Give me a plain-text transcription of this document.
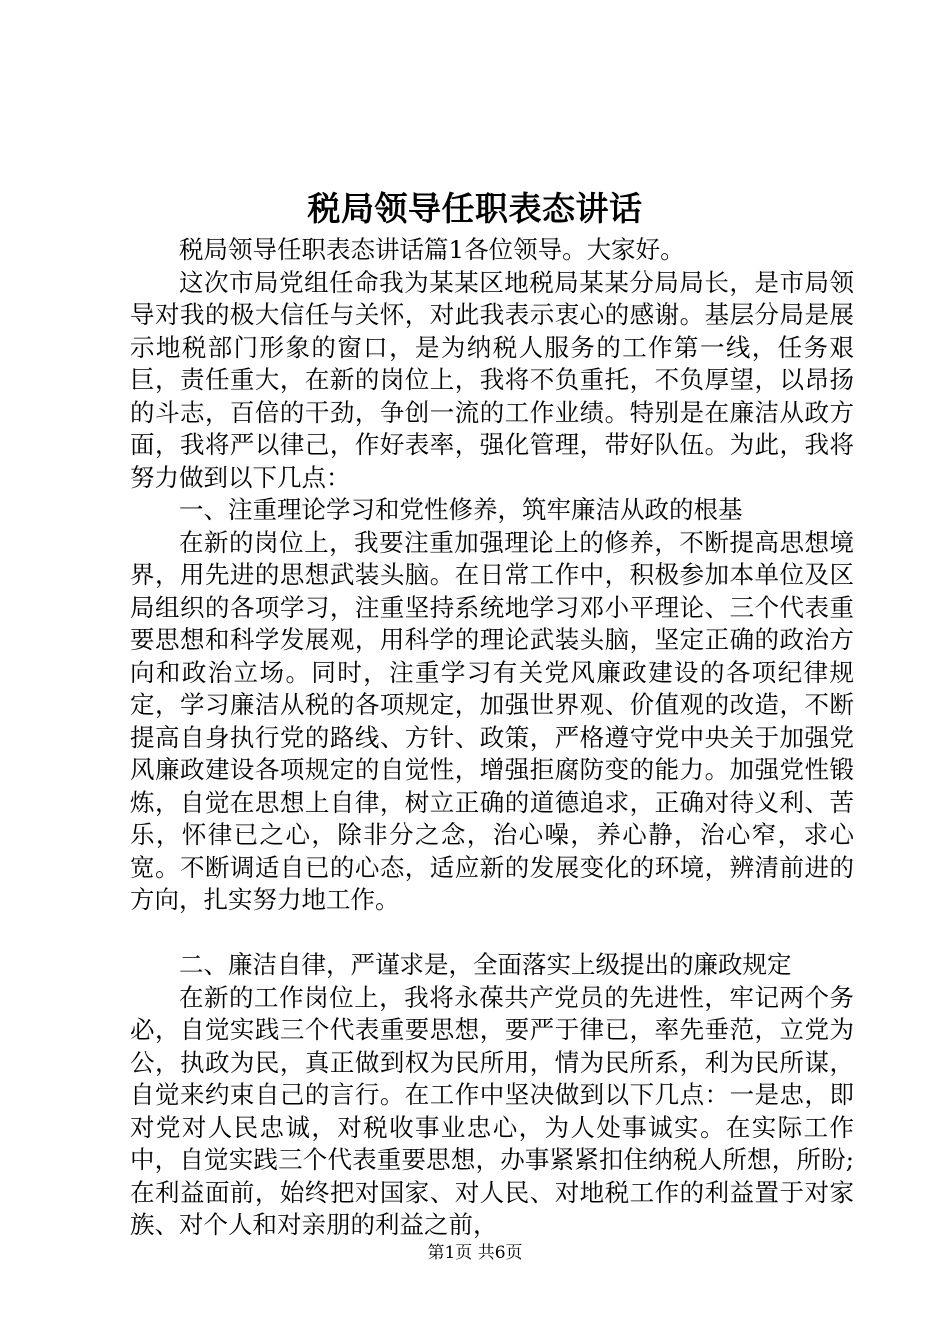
税局领导任职表态讲话

税局领导任职表态讲话篇1各位领导。大家好。

这次市局党组任命我为某某区地税局某某分局局长，是市局领导对我的极大信任与关怀，对此我表示衷心的感谢。基层分局是展示地税部门形象的窗口，是为纳税人服务的工作第一线，任务艰巨，责任重大，在新的岗位上，我将不负重托，不负厚望，以昂扬的斗志，百倍的干劲，争创一流的工作业绩。特别是在廉洁从政方面，我将严以律己，作好表率，强化管理，带好队伍。为此，我将努力做到以下几点：

一、注重理论学习和党性修养，筑牢廉洁从政的根基

在新的岗位上，我要注重加强理论上的修养，不断提高思想境界，用先进的思想武装头脑。在日常工作中，积极参加本单位及区局组织的各项学习，注重坚持系统地学习邓小平理论、三个代表重要思想和科学发展观，用科学的理论武装头脑，坚定正确的政治方向和政治立场。同时，注重学习有关党风廉政建设的各项纪律规定，学习廉洁从税的各项规定，加强世界观、价值观的改造，不断提高自身执行党的路线、方针、政策，严格遵守党中央关于加强党风廉政建设各项规定的自觉性，增强拒腐防变的能力。加强党性锻炼，自觉在思想上自律，树立正确的道德追求，正确对待义利、苦乐，怀律已之心，除非分之念，治心噪，养心静，治心窄，求心宽。不断调适自已的心态，适应新的发展变化的环境，辨清前进的方向，扎实努力地工作。

二、廉洁自律，严谨求是，全面落实上级提出的廉政规定

在新的工作岗位上，我将永葆共产党员的先进性，牢记两个务必，自觉实践三个代表重要思想，要严于律已，率先垂范，立党为公，执政为民，真正做到权为民所用，情为民所系，利为民所谋，自觉来约束自己的言行。在工作中坚决做到以下几点：一是忠，即对党对人民忠诚，对税收事业忠心，为人处事诚实。在实际工作中，自觉实践三个代表重要思想，办事紧紧扣住纳税人所想，所盼;在利益面前，始终把对国家、对人民、对地税工作的利益置于对家族、对个人和对亲朋的利益之前，

第1页 共6页
